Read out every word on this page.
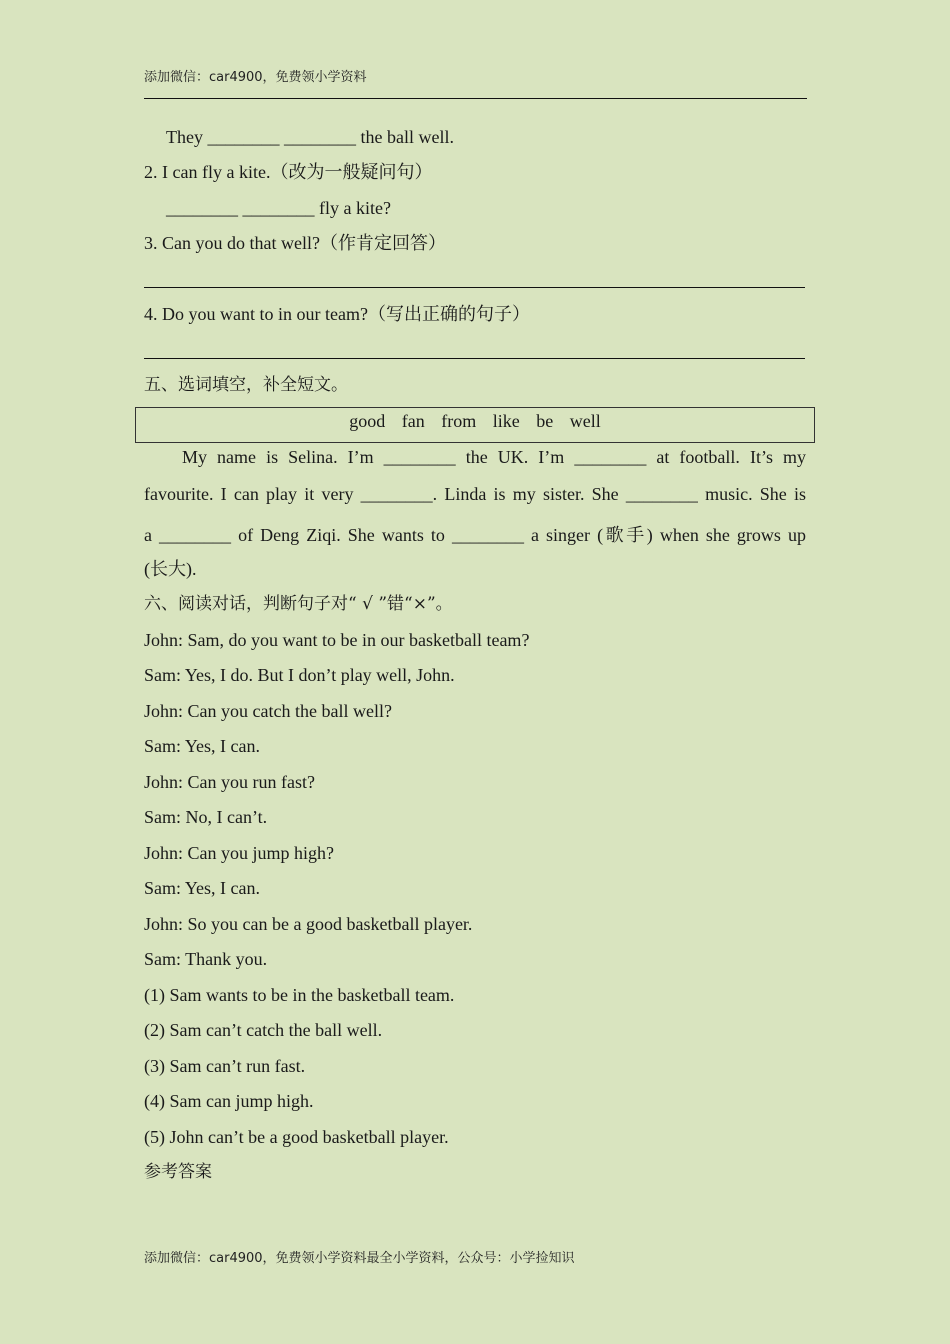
添加微信：car4900，免费领小学资料
They ________ ________ the ball well.
2. I can fly a kite.（改为一般疑问句）
________ ________ fly a kite?
3. Can you do that well?（作肯定回答）
4. Do you want to in our team?（写出正确的句子）
五、选词填空，补全短文。
good fan from like be well
My name is Selina. I’m ________ the UK. I’m ________ at football. It’s my
favourite. I can play it very ________. Linda is my sister. She ________ music. She is
a ________ of Deng Ziqi. She wants to ________ a singer (歌手) when she grows up
(长大).
六、阅读对话，判断句子对“ √ ”错“×”。
John: Sam, do you want to be in our basketball team?
Sam: Yes, I do. But I don’t play well, John.
John: Can you catch the ball well?
Sam: Yes, I can.
John: Can you run fast?
Sam: No, I can’t.
John: Can you jump high?
Sam: Yes, I can.
John: So you can be a good basketball player.
Sam: Thank you.
(1) Sam wants to be in the basketball team.
(2) Sam can’t catch the ball well.
(3) Sam can’t run fast.
(4) Sam can jump high.
(5) John can’t be a good basketball player.
参考答案
添加微信：car4900，免费领小学资料最全小学资料，公众号：小学捡知识
